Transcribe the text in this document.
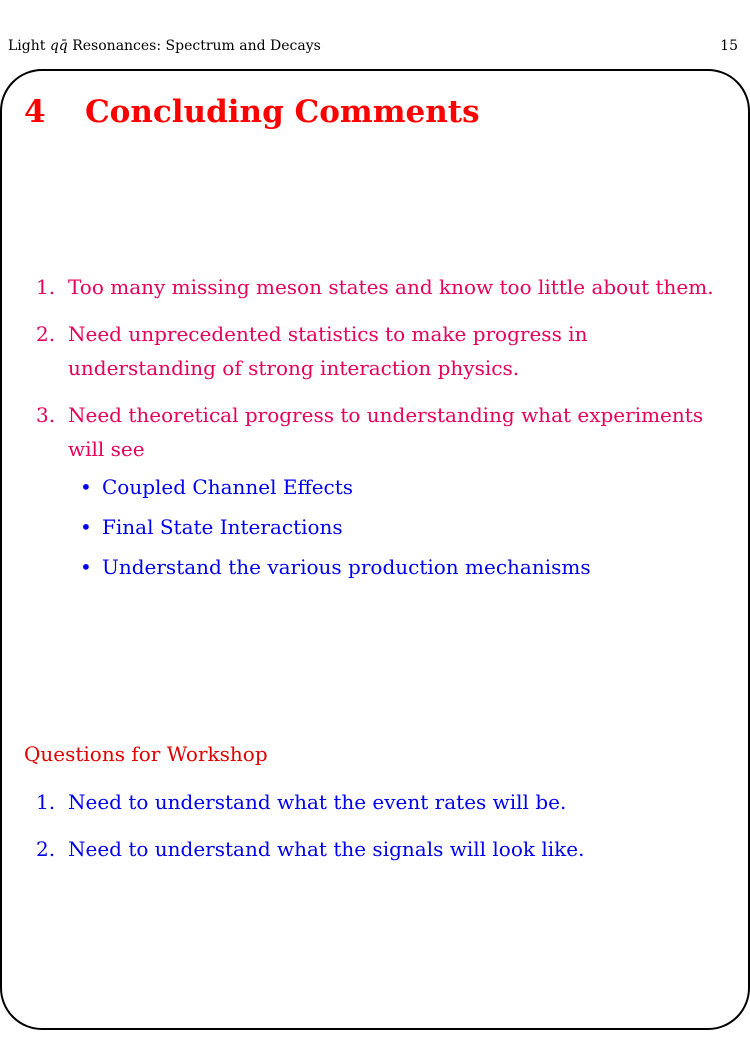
Light qq̄ Resonances: Spectrum and Decays	15
4 Concluding Comments
1. Too many missing meson states and know too little about them.
2. Need unprecedented statistics to make progress in understanding of strong interaction physics.
3. Need theoretical progress to understanding what experiments will see
• Coupled Channel Effects
• Final State Interactions
• Understand the various production mechanisms
Questions for Workshop
1. Need to understand what the event rates will be.
2. Need to understand what the signals will look like.
